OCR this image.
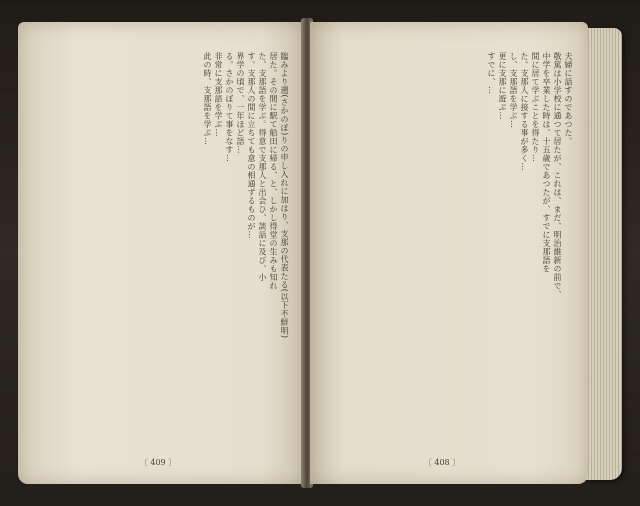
臨みより遡(さかのぼ)りの申し入れに加はり、支那の代表たる(以下不鮮明)
居た。その間に駅て船田に帰る、と、しかし得堂の生みも知れ
た、支那語を学ぶ。得意で支那人と出会ひ、談話に及び、小
す。支那人の間に立ちても意の相通ずるものが…
界学の頃で、一年ほど語…
る。さかのぼりて事をなす…
非常に支那語を学ぶ…
此の時、支那語を学ぶ…
〔 409 〕
夫婦に話すのであつた。
敬篤は小学校に通つて居たが、これは、まだ、明治維新の前で、
中学を卒業した時は、十五歳であつたが、すでに支那語を
間に居て学ぶことを得たり…
た。支那人に接する事が多く…
し、支那語を学ぶ…
更に支那に遊ぶ…
すでに、…
〔 408 〕
